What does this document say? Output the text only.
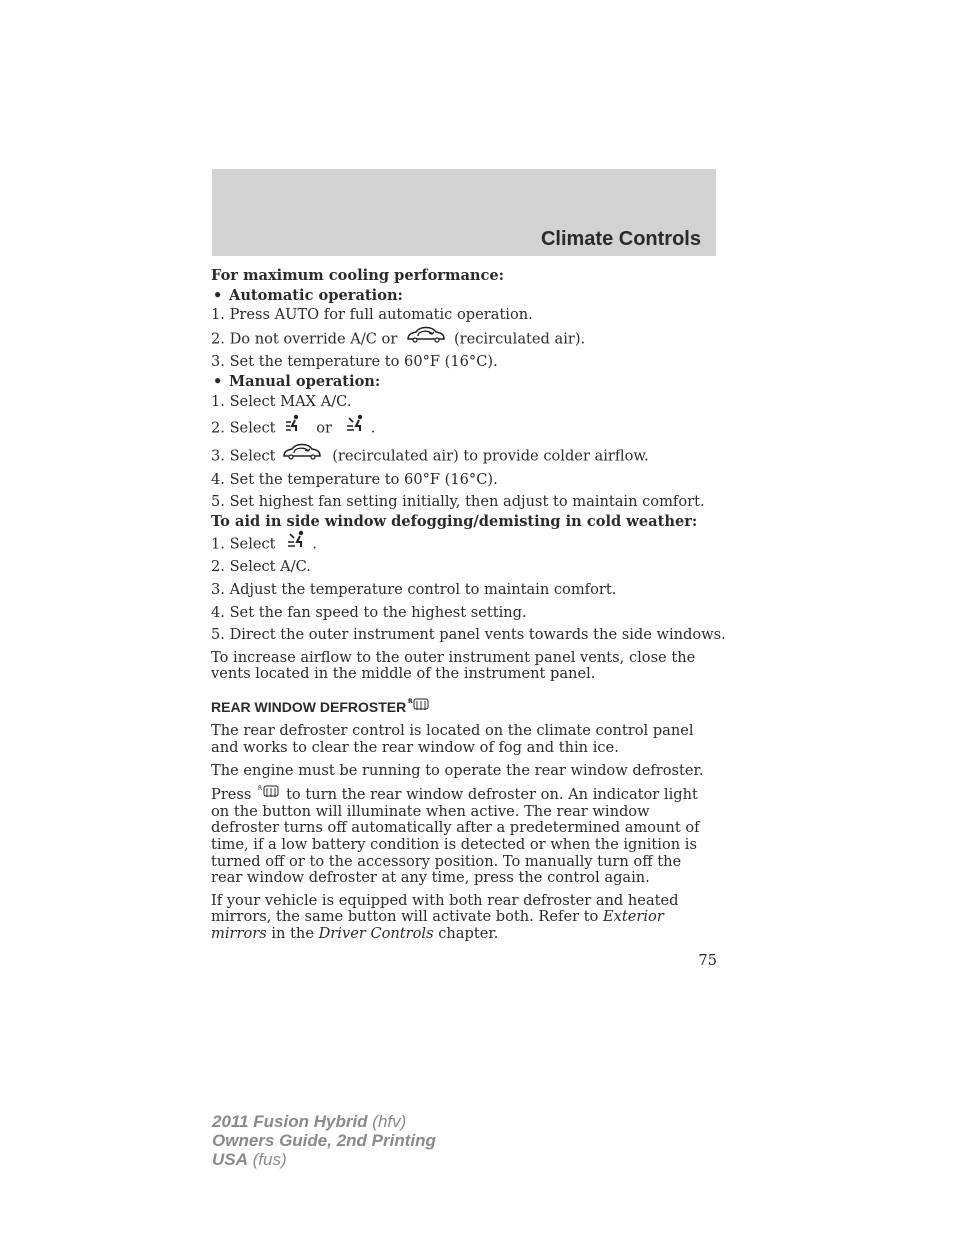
Climate Controls
For maximum cooling performance:
• Automatic operation:
1. Press AUTO for full automatic operation.
2. Do not override A/C or	(recirculated air).
3. Set the temperature to 60°F (16°C).
• Manual operation:
1. Select MAX A/C.
2. Select	or	.
3. Select	(recirculated air) to provide colder airflow.
4. Set the temperature to 60°F (16°C).
5. Set highest fan setting initially, then adjust to maintain comfort.
To aid in side window defogging/demisting in cold weather:
1. Select	.
2. Select A/C.
3. Adjust the temperature control to maintain comfort.
4. Set the fan speed to the highest setting.
5. Direct the outer instrument panel vents towards the side windows.
To increase airflow to the outer instrument panel vents, close the vents located in the middle of the instrument panel.
REAR WINDOW DEFROSTER R
The rear defroster control is located on the climate control panel and works to clear the rear window of fog and thin ice.
The engine must be running to operate the rear window defroster.
Press R to turn the rear window defroster on. An indicator light on the button will illuminate when active. The rear window defroster turns off automatically after a predetermined amount of time, if a low battery condition is detected or when the ignition is turned off or to the accessory position. To manually turn off the rear window defroster at any time, press the control again.
If your vehicle is equipped with both rear defroster and heated mirrors, the same button will activate both. Refer to Exterior mirrors in the Driver Controls chapter.
75
2011 Fusion Hybrid (hfv)
Owners Guide, 2nd Printing
USA (fus)
